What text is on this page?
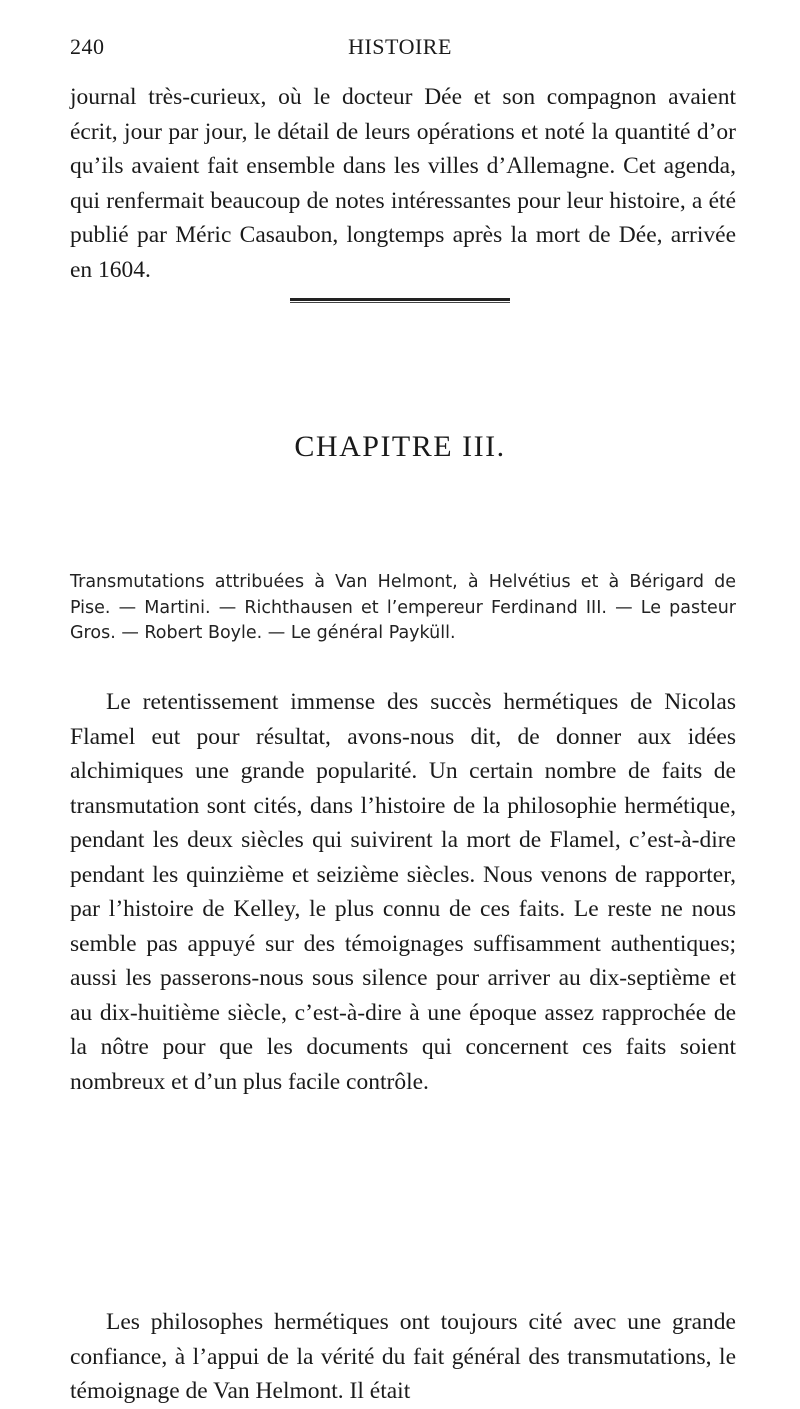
240	HISTOIRE

journal très-curieux, où le docteur Dée et son compagnon avaient écrit, jour par jour, le détail de leurs opérations et noté la quantité d’or qu’ils avaient fait ensemble dans les villes d’Allemagne. Cet agenda, qui renfermait beaucoup de notes intéressantes pour leur histoire, a été publié par Méric Casaubon, longtemps après la mort de Dée, arrivée en 1604.

CHAPITRE III.

Transmutations attribuées à Van Helmont, à Helvétius et à Bérigard de Pise. — Martini. — Richthausen et l’empereur Ferdinand III. — Le pasteur Gros. — Robert Boyle. — Le général Payküll.

Le retentissement immense des succès hermétiques de Nicolas Flamel eut pour résultat, avons-nous dit, de donner aux idées alchimiques une grande popularité. Un certain nombre de faits de transmutation sont cités, dans l’histoire de la philosophie hermétique, pendant les deux siècles qui suivirent la mort de Flamel, c’est-à-dire pendant les quinzième et seizième siècles. Nous venons de rapporter, par l’histoire de Kelley, le plus connu de ces faits. Le reste ne nous semble pas appuyé sur des témoignages suffisamment authentiques; aussi les passerons-nous sous silence pour arriver au dix-septième et au dix-huitième siècle, c’est-à-dire à une époque assez rapprochée de la nôtre pour que les documents qui concernent ces faits soient nombreux et d’un plus facile contrôle.

Les philosophes hermétiques ont toujours cité avec une grande confiance, à l’appui de la vérité du fait général des transmutations, le témoignage de Van Helmont. Il était
